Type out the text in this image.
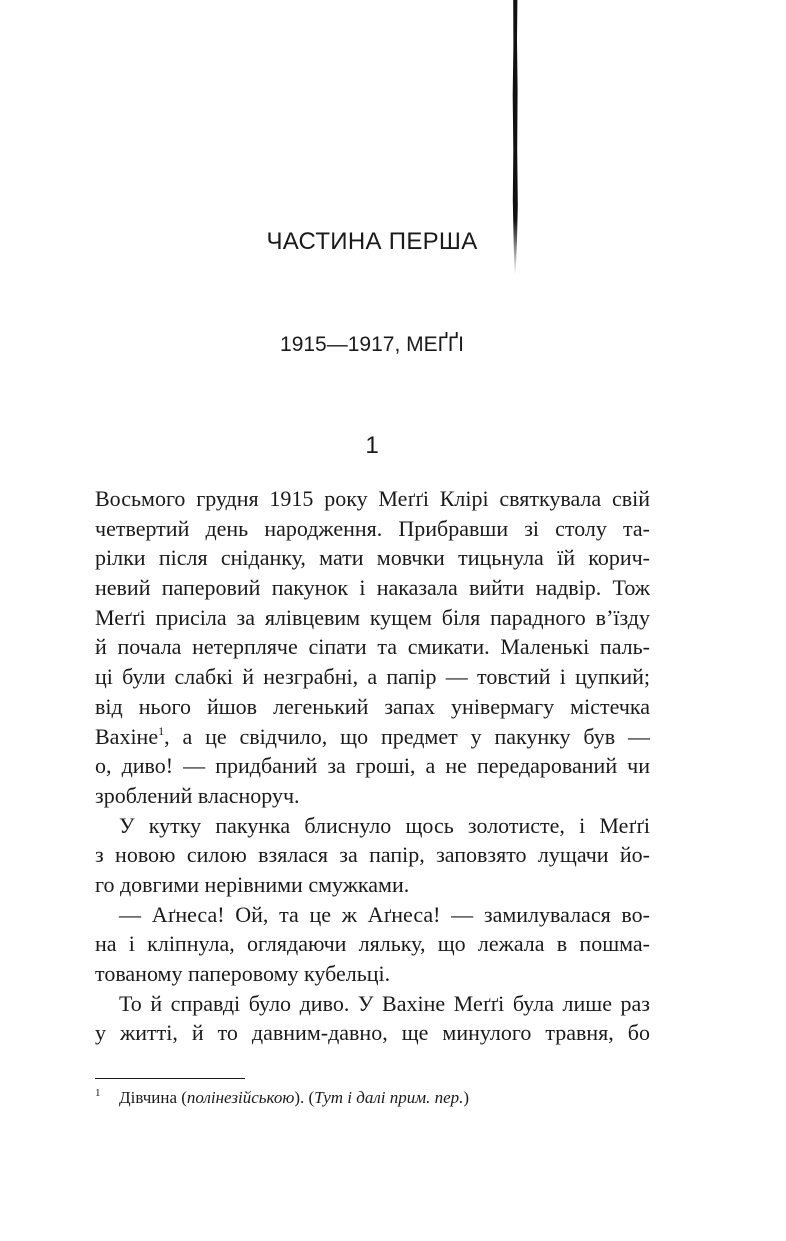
ЧАСТИНА ПЕРША
1915—1917, МЕҐҐІ
1
Восьмого грудня 1915 року Меґґі Клірі святкувала свій
четвертий день народження. Прибравши зі столу та-
рілки після сніданку, мати мовчки тицьнула їй корич-
невий паперовий пакунок і наказала вийти надвір. Тож
Меґґі присіла за ялівцевим кущем біля парадного в’їзду
й почала нетерпляче сіпати та смикати. Маленькі паль-
ці були слабкі й незграбні, а папір — товстий і цупкий;
від нього йшов легенький запах універмагу містечка
Вахіне$^1$, а це свідчило, що предмет у пакунку був —
о, диво! — придбаний за гроші, а не передарований чи
зроблений власноруч.
У кутку пакунка блиснуло щось золотисте, і Меґґі
з новою силою взялася за папір, заповзято лущачи йо-
го довгими нерівними смужками.
— Аґнеса! Ой, та це ж Аґнеса! — замилувалася во-
на і кліпнула, оглядаючи ляльку, що лежала в пошма-
тованому паперовому кубельці.
То й справді було диво. У Вахіне Меґґі була лише раз
у житті, й то давним-давно, ще минулого травня, бо
1 Дівчина (полінезійською). (Тут і далі прим. пер.)
